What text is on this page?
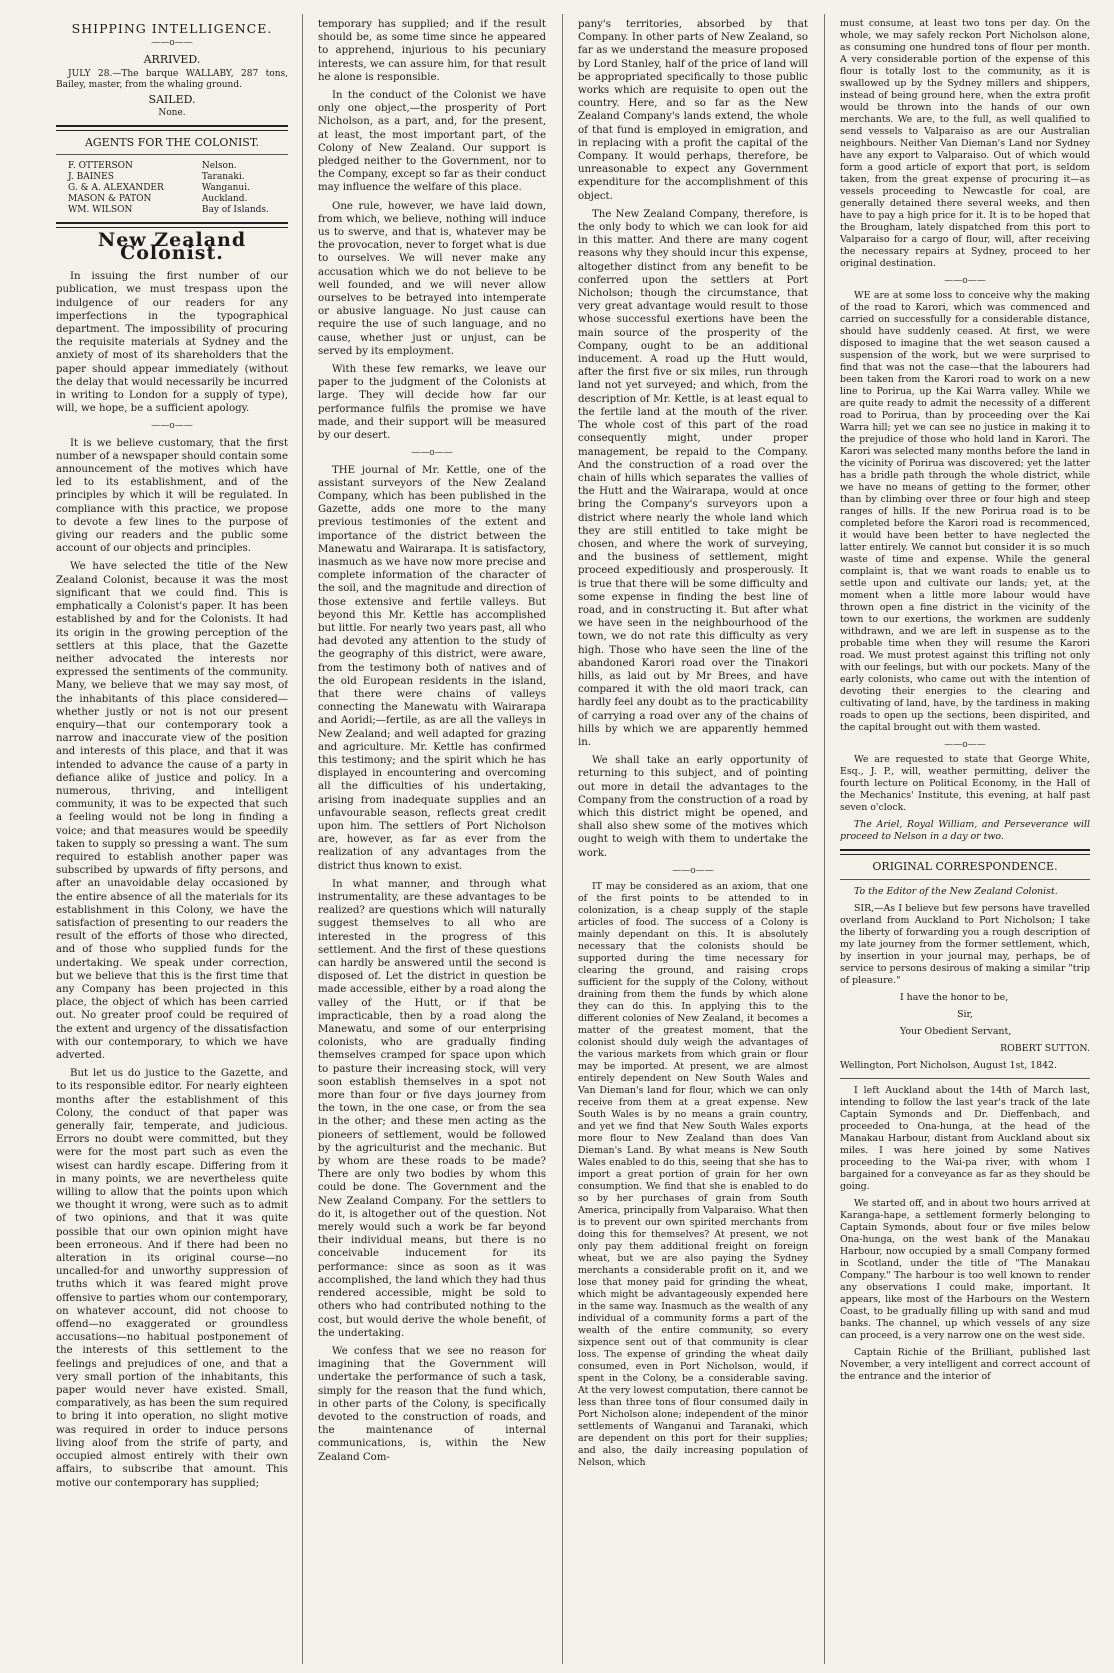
SHIPPING INTELLIGENCE.
——o——
ARRIVED.
JULY 28.—The barque WALLABY, 287 tons, Bailey, master, from the whaling ground.
SAILED.
None.
AGENTS FOR THE COLONIST.
F. OTTERSON	Nelson.
J. BAINES	Taranaki.
G. & A. ALEXANDER	Wanganui.
MASON & PATON	Auckland.
WM. WILSON	Bay of Islands.
New Zealand Colonist.

In issuing the first number of our publication, we must trespass upon the indulgence of our readers for any imperfections in the typographical department. The impossibility of procuring the requisite materials at Sydney and the anxiety of most of its shareholders that the paper should appear immediately (without the delay that would necessarily be incurred in writing to London for a supply of type), will, we hope, be a sufficient apology.

——o——

It is we believe customary, that the first number of a newspaper should contain some announcement of the motives which have led to its establishment, and of the principles by which it will be regulated. In compliance with this practice, we propose to devote a few lines to the purpose of giving our readers and the public some account of our objects and principles.

We have selected the title of the New Zealand Colonist, because it was the most significant that we could find. This is emphatically a Colonist's paper. It has been established by and for the Colonists. It had its origin in the growing perception of the settlers at this place, that the Gazette neither advocated the interests nor expressed the sentiments of the community. Many, we believe that we may say most, of the inhabitants of this place considered—whether justly or not is not our present enquiry—that our contemporary took a narrow and inaccurate view of the position and interests of this place, and that it was intended to advance the cause of a party in defiance alike of justice and policy. In a numerous, thriving, and intelligent community, it was to be expected that such a feeling would not be long in finding a voice; and that measures would be speedily taken to supply so pressing a want. The sum required to establish another paper was subscribed by upwards of fifty persons, and after an unavoidable delay occasioned by the entire absence of all the materials for its establishment in this Colony, we have the satisfaction of presenting to our readers the result of the efforts of those who directed, and of those who supplied funds for the undertaking. We speak under correction, but we believe that this is the first time that any Company has been projected in this place, the object of which has been carried out. No greater proof could be required of the extent and urgency of the dissatisfaction with our contemporary, to which we have adverted.

But let us do justice to the Gazette, and to its responsible editor. For nearly eighteen months after the establishment of this Colony, the conduct of that paper was generally fair, temperate, and judicious. Errors no doubt were committed, but they were for the most part such as even the wisest can hardly escape. Differing from it in many points, we are nevertheless quite willing to allow that the points upon which we thought it wrong, were such as to admit of two opinions, and that it was quite possible that our own opinion might have been erroneous. And if there had been no alteration in its original course—no uncalled-for and unworthy suppression of truths which it was feared might prove offensive to parties whom our contemporary, on whatever account, did not choose to offend—no exaggerated or groundless accusations—no habitual postponement of the interests of this settlement to the feelings and prejudices of one, and that a very small portion of the inhabitants, this paper would never have existed. Small, comparatively, as has been the sum required to bring it into operation, no slight motive was required in order to induce persons living aloof from the strife of party, and occupied almost entirely with their own affairs, to subscribe that amount. This motive our contemporary has supplied;

temporary has supplied; and if the result should be, as some time since he appeared to apprehend, injurious to his pecuniary interests, we can assure him, for that result he alone is responsible.

In the conduct of the Colonist we have only one object,—the prosperity of Port Nicholson, as a part, and, for the present, at least, the most important part, of the Colony of New Zealand. Our support is pledged neither to the Government, nor to the Company, except so far as their conduct may influence the welfare of this place.

One rule, however, we have laid down, from which, we believe, nothing will induce us to swerve, and that is, whatever may be the provocation, never to forget what is due to ourselves. We will never make any accusation which we do not believe to be well founded, and we will never allow ourselves to be betrayed into intemperate or abusive language. No just cause can require the use of such language, and no cause, whether just or unjust, can be served by its employment.

With these few remarks, we leave our paper to the judgment of the Colonists at large. They will decide how far our performance fulfils the promise we have made, and their support will be measured by our desert.

——o——

THE journal of Mr. Kettle, one of the assistant surveyors of the New Zealand Company, which has been published in the Gazette, adds one more to the many previous testimonies of the extent and importance of the district between the Manewatu and Wairarapa. It is satisfactory, inasmuch as we have now more precise and complete information of the character of the soil, and the magnitude and direction of those extensive and fertile valleys. But beyond this Mr. Kettle has accomplished but little. For nearly two years past, all who had devoted any attention to the study of the geography of this district, were aware, from the testimony both of natives and of the old European residents in the island, that there were chains of valleys connecting the Manewatu with Wairarapa and Aoridi;—fertile, as are all the valleys in New Zealand; and well adapted for grazing and agriculture. Mr. Kettle has confirmed this testimony; and the spirit which he has displayed in encountering and overcoming all the difficulties of his undertaking, arising from inadequate supplies and an unfavourable season, reflects great credit upon him. The settlers of Port Nicholson are, however, as far as ever from the realization of any advantages from the district thus known to exist.

In what manner, and through what instrumentality, are these advantages to be realized? are questions which will naturally suggest themselves to all who are interested in the progress of this settlement. And the first of these questions can hardly be answered until the second is disposed of. Let the district in question be made accessible, either by a road along the valley of the Hutt, or if that be impracticable, then by a road along the Manewatu, and some of our enterprising colonists, who are gradually finding themselves cramped for space upon which to pasture their increasing stock, will very soon establish themselves in a spot not more than four or five days journey from the town, in the one case, or from the sea in the other; and these men acting as the pioneers of settlement, would be followed by the agriculturist and the mechanic. But by whom are these roads to be made? There are only two bodies by whom this could be done. The Government and the New Zealand Company. For the settlers to do it, is altogether out of the question. Not merely would such a work be far beyond their individual means, but there is no conceivable inducement for its performance: since as soon as it was accomplished, the land which they had thus rendered accessible, might be sold to others who had contributed nothing to the cost, but would derive the whole benefit, of the undertaking.

We confess that we see no reason for imagining that the Government will undertake the performance of such a task, simply for the reason that the fund which, in other parts of the Colony, is specifically devoted to the construction of roads, and the maintenance of internal communications, is, within the New Zealand Com-

pany's territories, absorbed by that Company. In other parts of New Zealand, so far as we understand the measure proposed by Lord Stanley, half of the price of land will be appropriated specifically to those public works which are requisite to open out the country. Here, and so far as the New Zealand Company's lands extend, the whole of that fund is employed in emigration, and in replacing with a profit the capital of the Company. It would perhaps, therefore, be unreasonable to expect any Government expenditure for the accomplishment of this object.

The New Zealand Company, therefore, is the only body to which we can look for aid in this matter. And there are many cogent reasons why they should incur this expense, altogether distinct from any benefit to be conferred upon the settlers at Port Nicholson; though the circumstance, that very great advantage would result to those whose successful exertions have been the main source of the prosperity of the Company, ought to be an additional inducement. A road up the Hutt would, after the first five or six miles, run through land not yet surveyed; and which, from the description of Mr. Kettle, is at least equal to the fertile land at the mouth of the river. The whole cost of this part of the road consequently might, under proper management, be repaid to the Company. And the construction of a road over the chain of hills which separates the vallies of the Hutt and the Wairarapa, would at once bring the Company's surveyors upon a district where nearly the whole land which they are still entitled to take might be chosen, and where the work of surveying, and the business of settlement, might proceed expeditiously and prosperously. It is true that there will be some difficulty and some expense in finding the best line of road, and in constructing it. But after what we have seen in the neighbourhood of the town, we do not rate this difficulty as very high. Those who have seen the line of the abandoned Karori road over the Tinakori hills, as laid out by Mr Brees, and have compared it with the old maori track, can hardly feel any doubt as to the practicability of carrying a road over any of the chains of hills by which we are apparently hemmed in.

We shall take an early opportunity of returning to this subject, and of pointing out more in detail the advantages to the Company from the construction of a road by which this district might be opened, and shall also shew some of the motives which ought to weigh with them to undertake the work.

——o——

IT may be considered as an axiom, that one of the first points to be attended to in colonization, is a cheap supply of the staple articles of food. The success of a Colony is mainly dependant on this. It is absolutely necessary that the colonists should be supported during the time necessary for clearing the ground, and raising crops sufficient for the supply of the Colony, without draining from them the funds by which alone they can do this. In applying this to the different colonies of New Zealand, it becomes a matter of the greatest moment, that the colonist should duly weigh the advantages of the various markets from which grain or flour may be imported. At present, we are almost entirely dependent on New South Wales and Van Dieman's land for flour, which we can only receive from them at a great expense. New South Wales is by no means a grain country, and yet we find that New South Wales exports more flour to New Zealand than does Van Dieman's Land. By what means is New South Wales enabled to do this, seeing that she has to import a great portion of grain for her own consumption. We find that she is enabled to do so by her purchases of grain from South America, principally from Valparaiso. What then is to prevent our own spirited merchants from doing this for themselves? At present, we not only pay them additional freight on foreign wheat, but we are also paying the Sydney merchants a considerable profit on it, and we lose that money paid for grinding the wheat, which might be advantageously expended here in the same way. Inasmuch as the wealth of any individual of a community forms a part of the wealth of the entire community, so every sixpence sent out of that community is clear loss. The expense of grinding the wheat daily consumed, even in Port Nicholson, would, if spent in the Colony, be a considerable saving. At the very lowest computation, there cannot be less than three tons of flour consumed daily in Port Nicholson alone; independent of the minor settlements of Wanganui and Taranaki, which are dependent on this port for their supplies; and also, the daily increasing population of Nelson, which

must consume, at least two tons per day. On the whole, we may safely reckon Port Nicholson alone, as consuming one hundred tons of flour per month. A very considerable portion of the expense of this flour is totally lost to the community, as it is swallowed up by the Sydney millers and shippers, instead of being ground here, when the extra profit would be thrown into the hands of our own merchants. We are, to the full, as well qualified to send vessels to Valparaiso as are our Australian neighbours. Neither Van Dieman's Land nor Sydney have any export to Valparaiso. Out of which would form a good article of export that port, is seldom taken, from the great expense of procuring it—as vessels proceeding to Newcastle for coal, are generally detained there several weeks, and then have to pay a high price for it. It is to be hoped that the Brougham, lately dispatched from this port to Valparaiso for a cargo of flour, will, after receiving the necessary repairs at Sydney, proceed to her original destination.

——o——

WE are at some loss to conceive why the making of the road to Karori, which was commenced and carried on successfully for a considerable distance, should have suddenly ceased. At first, we were disposed to imagine that the wet season caused a suspension of the work, but we were surprised to find that was not the case—that the labourers had been taken from the Karori road to work on a new line to Porirua, up the Kai Warra valley. While we are quite ready to admit the necessity of a different road to Porirua, than by proceeding over the Kai Warra hill; yet we can see no justice in making it to the prejudice of those who hold land in Karori. The Karori was selected many months before the land in the vicinity of Porirua was discovered; yet the latter has a bridle path through the whole district, while we have no means of getting to the former, other than by climbing over three or four high and steep ranges of hills. If the new Porirua road is to be completed before the Karori road is recommenced, it would have been better to have neglected the latter entirely. We cannot but consider it is so much waste of time and expense. While the general complaint is, that we want roads to enable us to settle upon and cultivate our lands; yet, at the moment when a little more labour would have thrown open a fine district in the vicinity of the town to our exertions, the workmen are suddenly withdrawn, and we are left in suspense as to the probable time when they will resume the Karori road. We must protest against this trifling not only with our feelings, but with our pockets. Many of the early colonists, who came out with the intention of devoting their energies to the clearing and cultivating of land, have, by the tardiness in making roads to open up the sections, been dispirited, and the capital brought out with them wasted.

——o——

We are requested to state that George White, Esq., J. P., will, weather permitting, deliver the fourth lecture on Political Economy, in the Hall of the Mechanics' Institute, this evening, at half past seven o'clock.

The Ariel, Royal William, and Perseverance will proceed to Nelson in a day or two.

ORIGINAL CORRESPONDENCE.

To the Editor of the New Zealand Colonist.

SIR,—As I believe but few persons have travelled overland from Auckland to Port Nicholson; I take the liberty of forwarding you a rough description of my late journey from the former settlement, which, by insertion in your journal may, perhaps, be of service to persons desirous of making a similar "trip of pleasure."

I have the honor to be,

Sir,

Your Obedient Servant,

ROBERT SUTTON.

Wellington, Port Nicholson, August 1st, 1842.

I left Auckland about the 14th of March last, intending to follow the last year's track of the late Captain Symonds and Dr. Dieffenbach, and proceeded to Ona-hunga, at the head of the Manakau Harbour, distant from Auckland about six miles. I was here joined by some Natives proceeding to the Wai-pa river, with whom I bargained for a conveyance as far as they should be going.

We started off, and in about two hours arrived at Karanga-hape, a settlement formerly belonging to Captain Symonds, about four or five miles below Ona-hunga, on the west bank of the Manakau Harbour, now occupied by a small Company formed in Scotland, under the title of "The Manakau Company." The harbour is too well known to render any observations I could make, important. It appears, like most of the Harbours on the Western Coast, to be gradually filling up with sand and mud banks. The channel, up which vessels of any size can proceed, is a very narrow one on the west side.

Captain Richie of the Brilliant, published last November, a very intelligent and correct account of the entrance and the interior of
